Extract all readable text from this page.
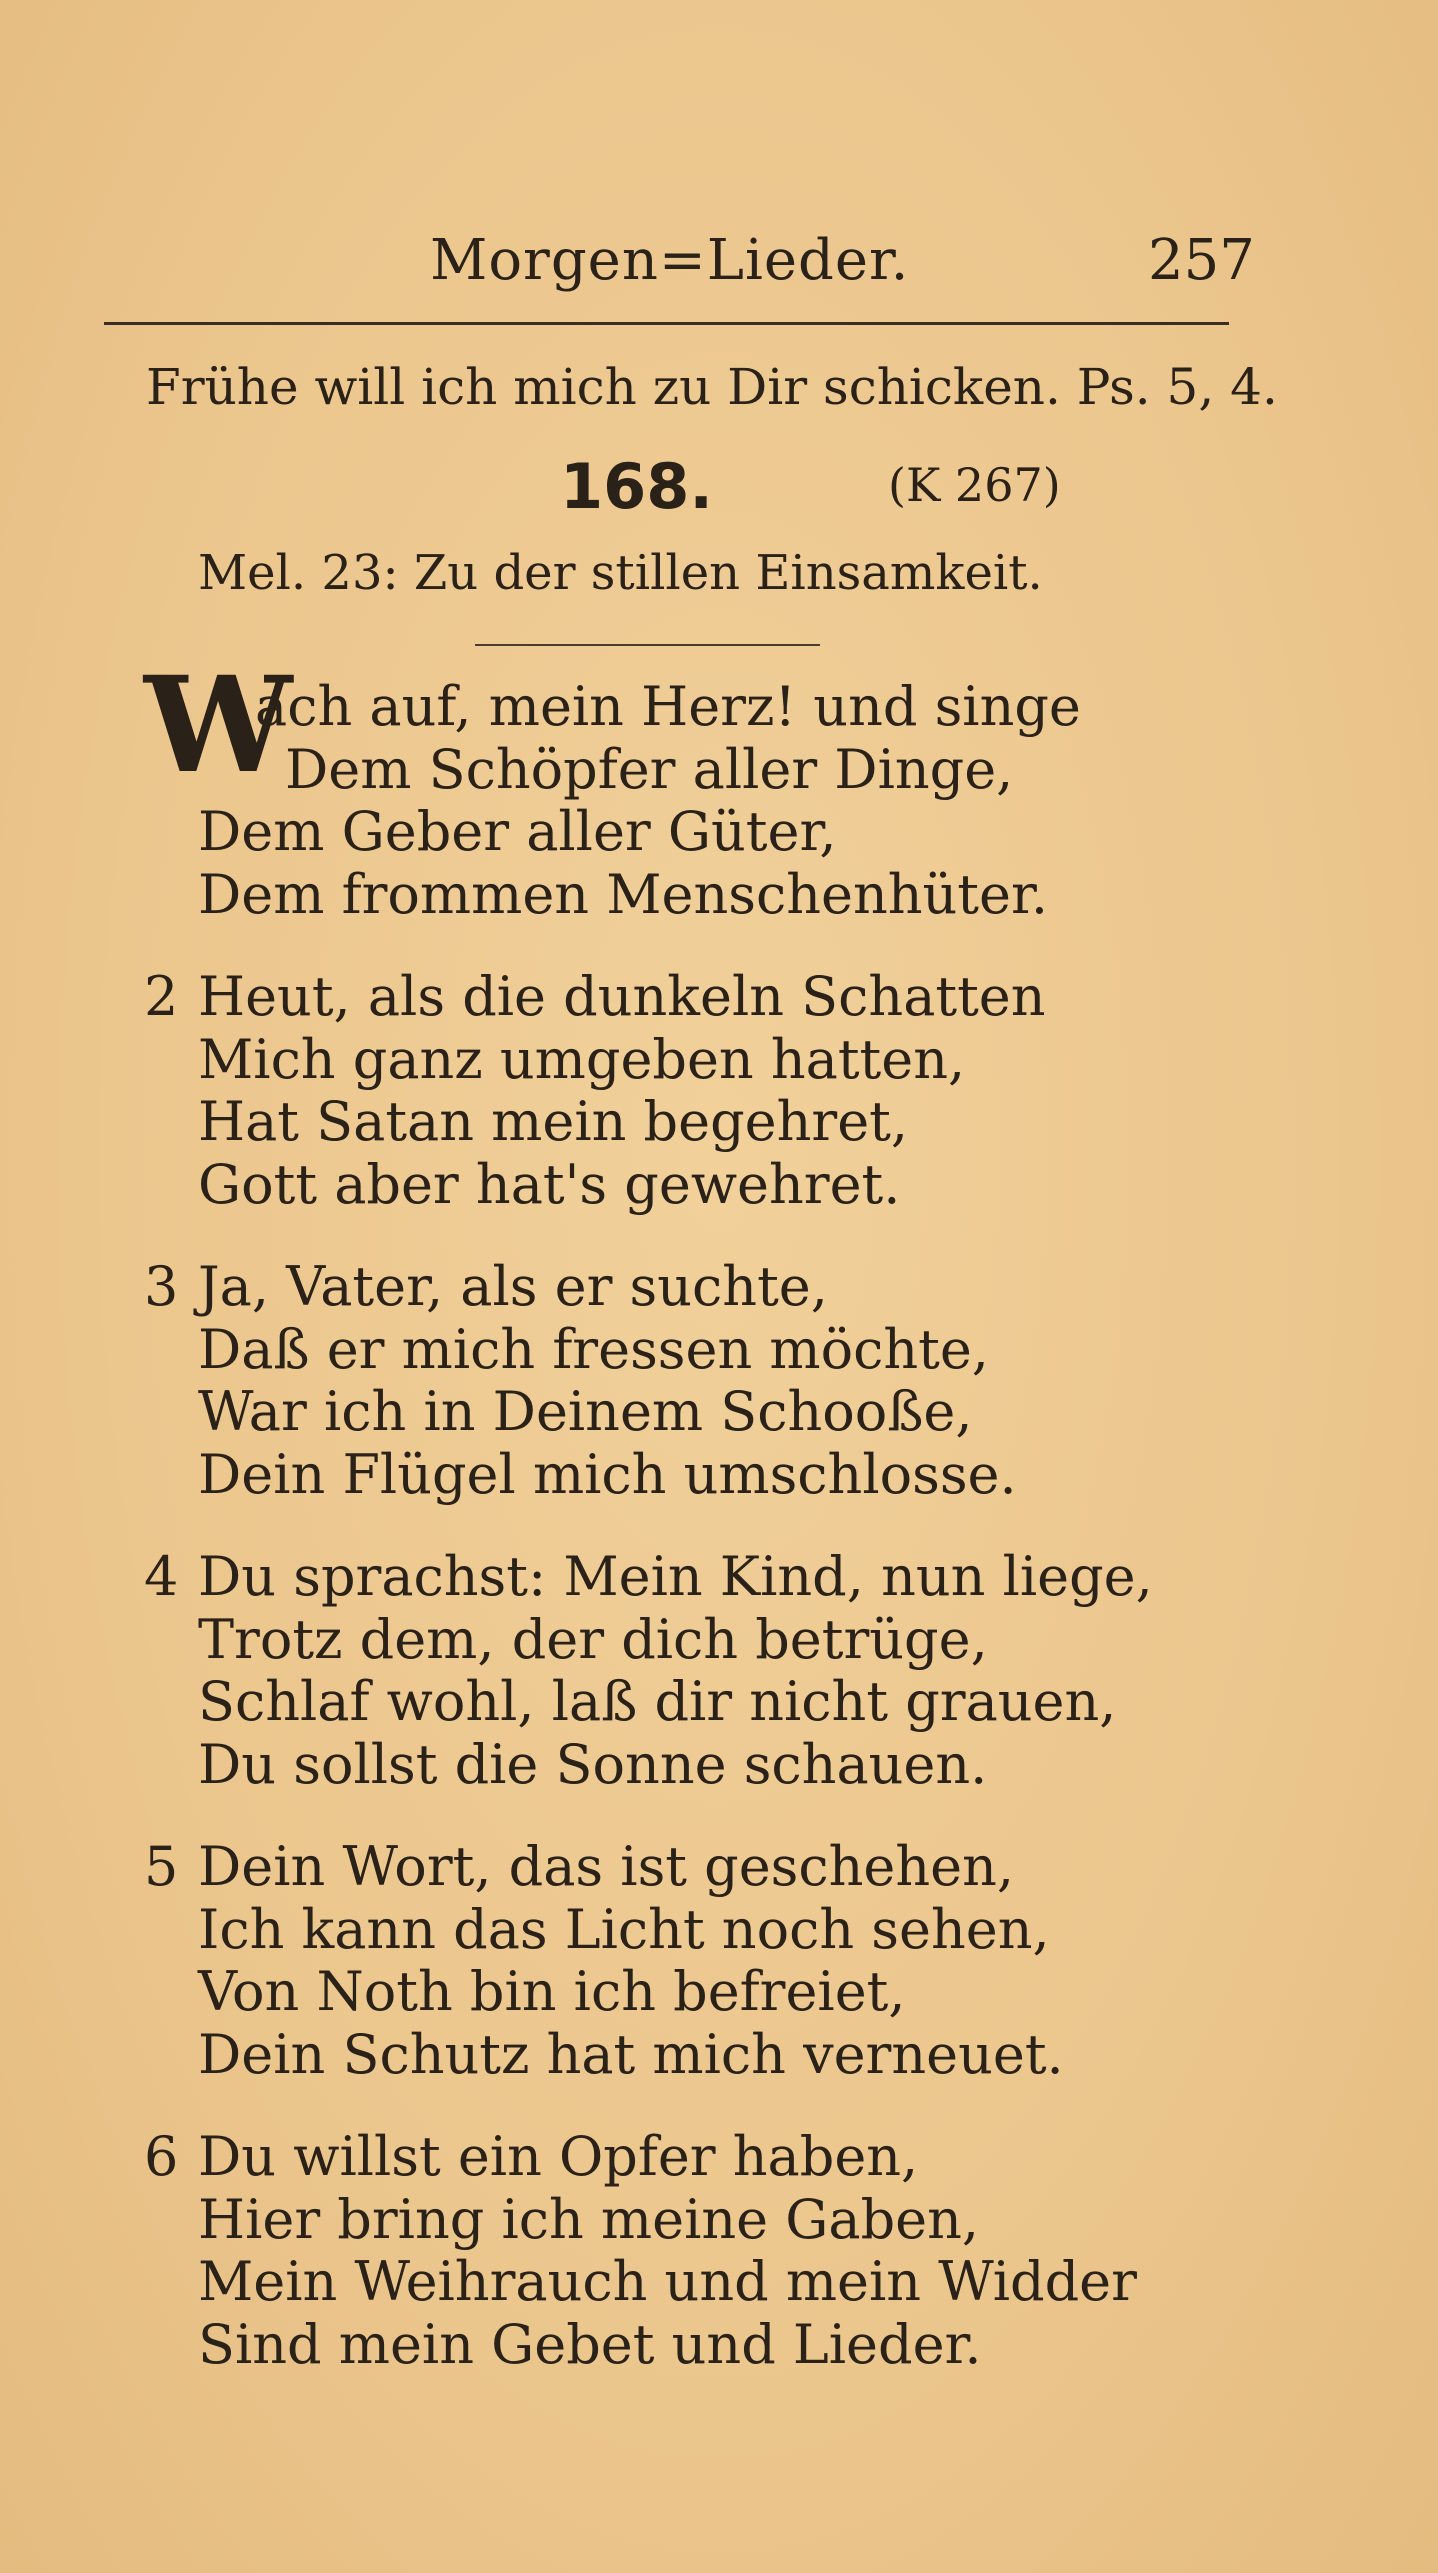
Morgen=Lieder.	257
Frühe will ich mich zu Dir schicken. Ps. 5, 4.
168.	(K 267)
Mel. 23: Zu der stillen Einsamkeit.
W
ach auf, mein Herz! und singe
Dem Schöpfer aller Dinge,
Dem Geber aller Güter,
Dem frommen Menschenhüter.
2 Heut, als die dunkeln Schatten
Mich ganz umgeben hatten,
Hat Satan mein begehret,
Gott aber hat's gewehret.
3 Ja, Vater, als er suchte,
Daß er mich fressen möchte,
War ich in Deinem Schooße,
Dein Flügel mich umschlosse.
4 Du sprachst: Mein Kind, nun liege,
Trotz dem, der dich betrüge,
Schlaf wohl, laß dir nicht grauen,
Du sollst die Sonne schauen.
5 Dein Wort, das ist geschehen,
Ich kann das Licht noch sehen,
Von Noth bin ich befreiet,
Dein Schutz hat mich verneuet.
6 Du willst ein Opfer haben,
Hier bring ich meine Gaben,
Mein Weihrauch und mein Widder
Sind mein Gebet und Lieder.
